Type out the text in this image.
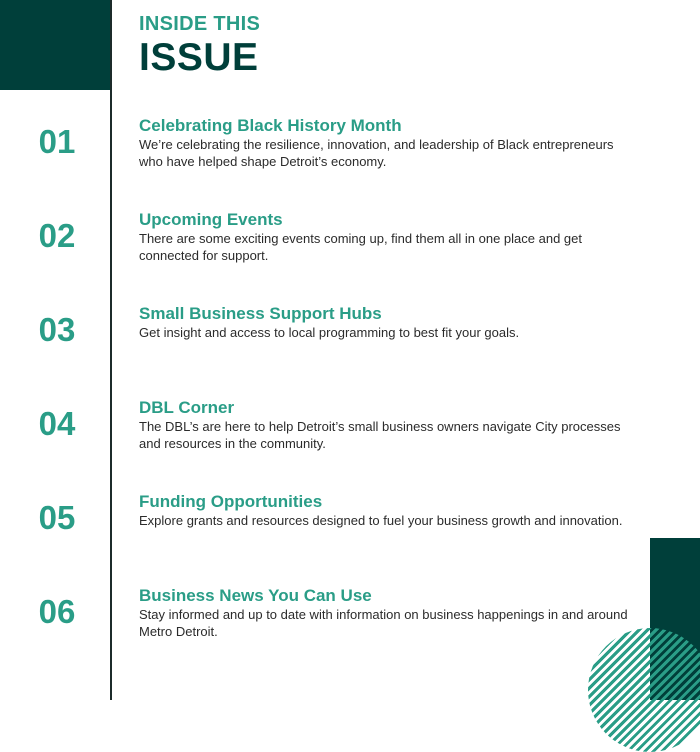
INSIDE THIS
ISSUE
01	Celebrating Black History Month
We’re celebrating the resilience, innovation, and leadership of Black entrepreneurs who have helped shape Detroit’s economy.
02	Upcoming Events
There are some exciting events coming up, find them all in one place and get connected for support.
03	Small Business Support Hubs
Get insight and access to local programming to best fit your goals.
04	DBL Corner
The DBL’s are here to help Detroit’s small business owners navigate City processes and resources in the community.
05	Funding Opportunities
Explore grants and resources designed to fuel your business growth and innovation.
06	Business News You Can Use
Stay informed and up to date with information on business happenings in and around Metro Detroit.
